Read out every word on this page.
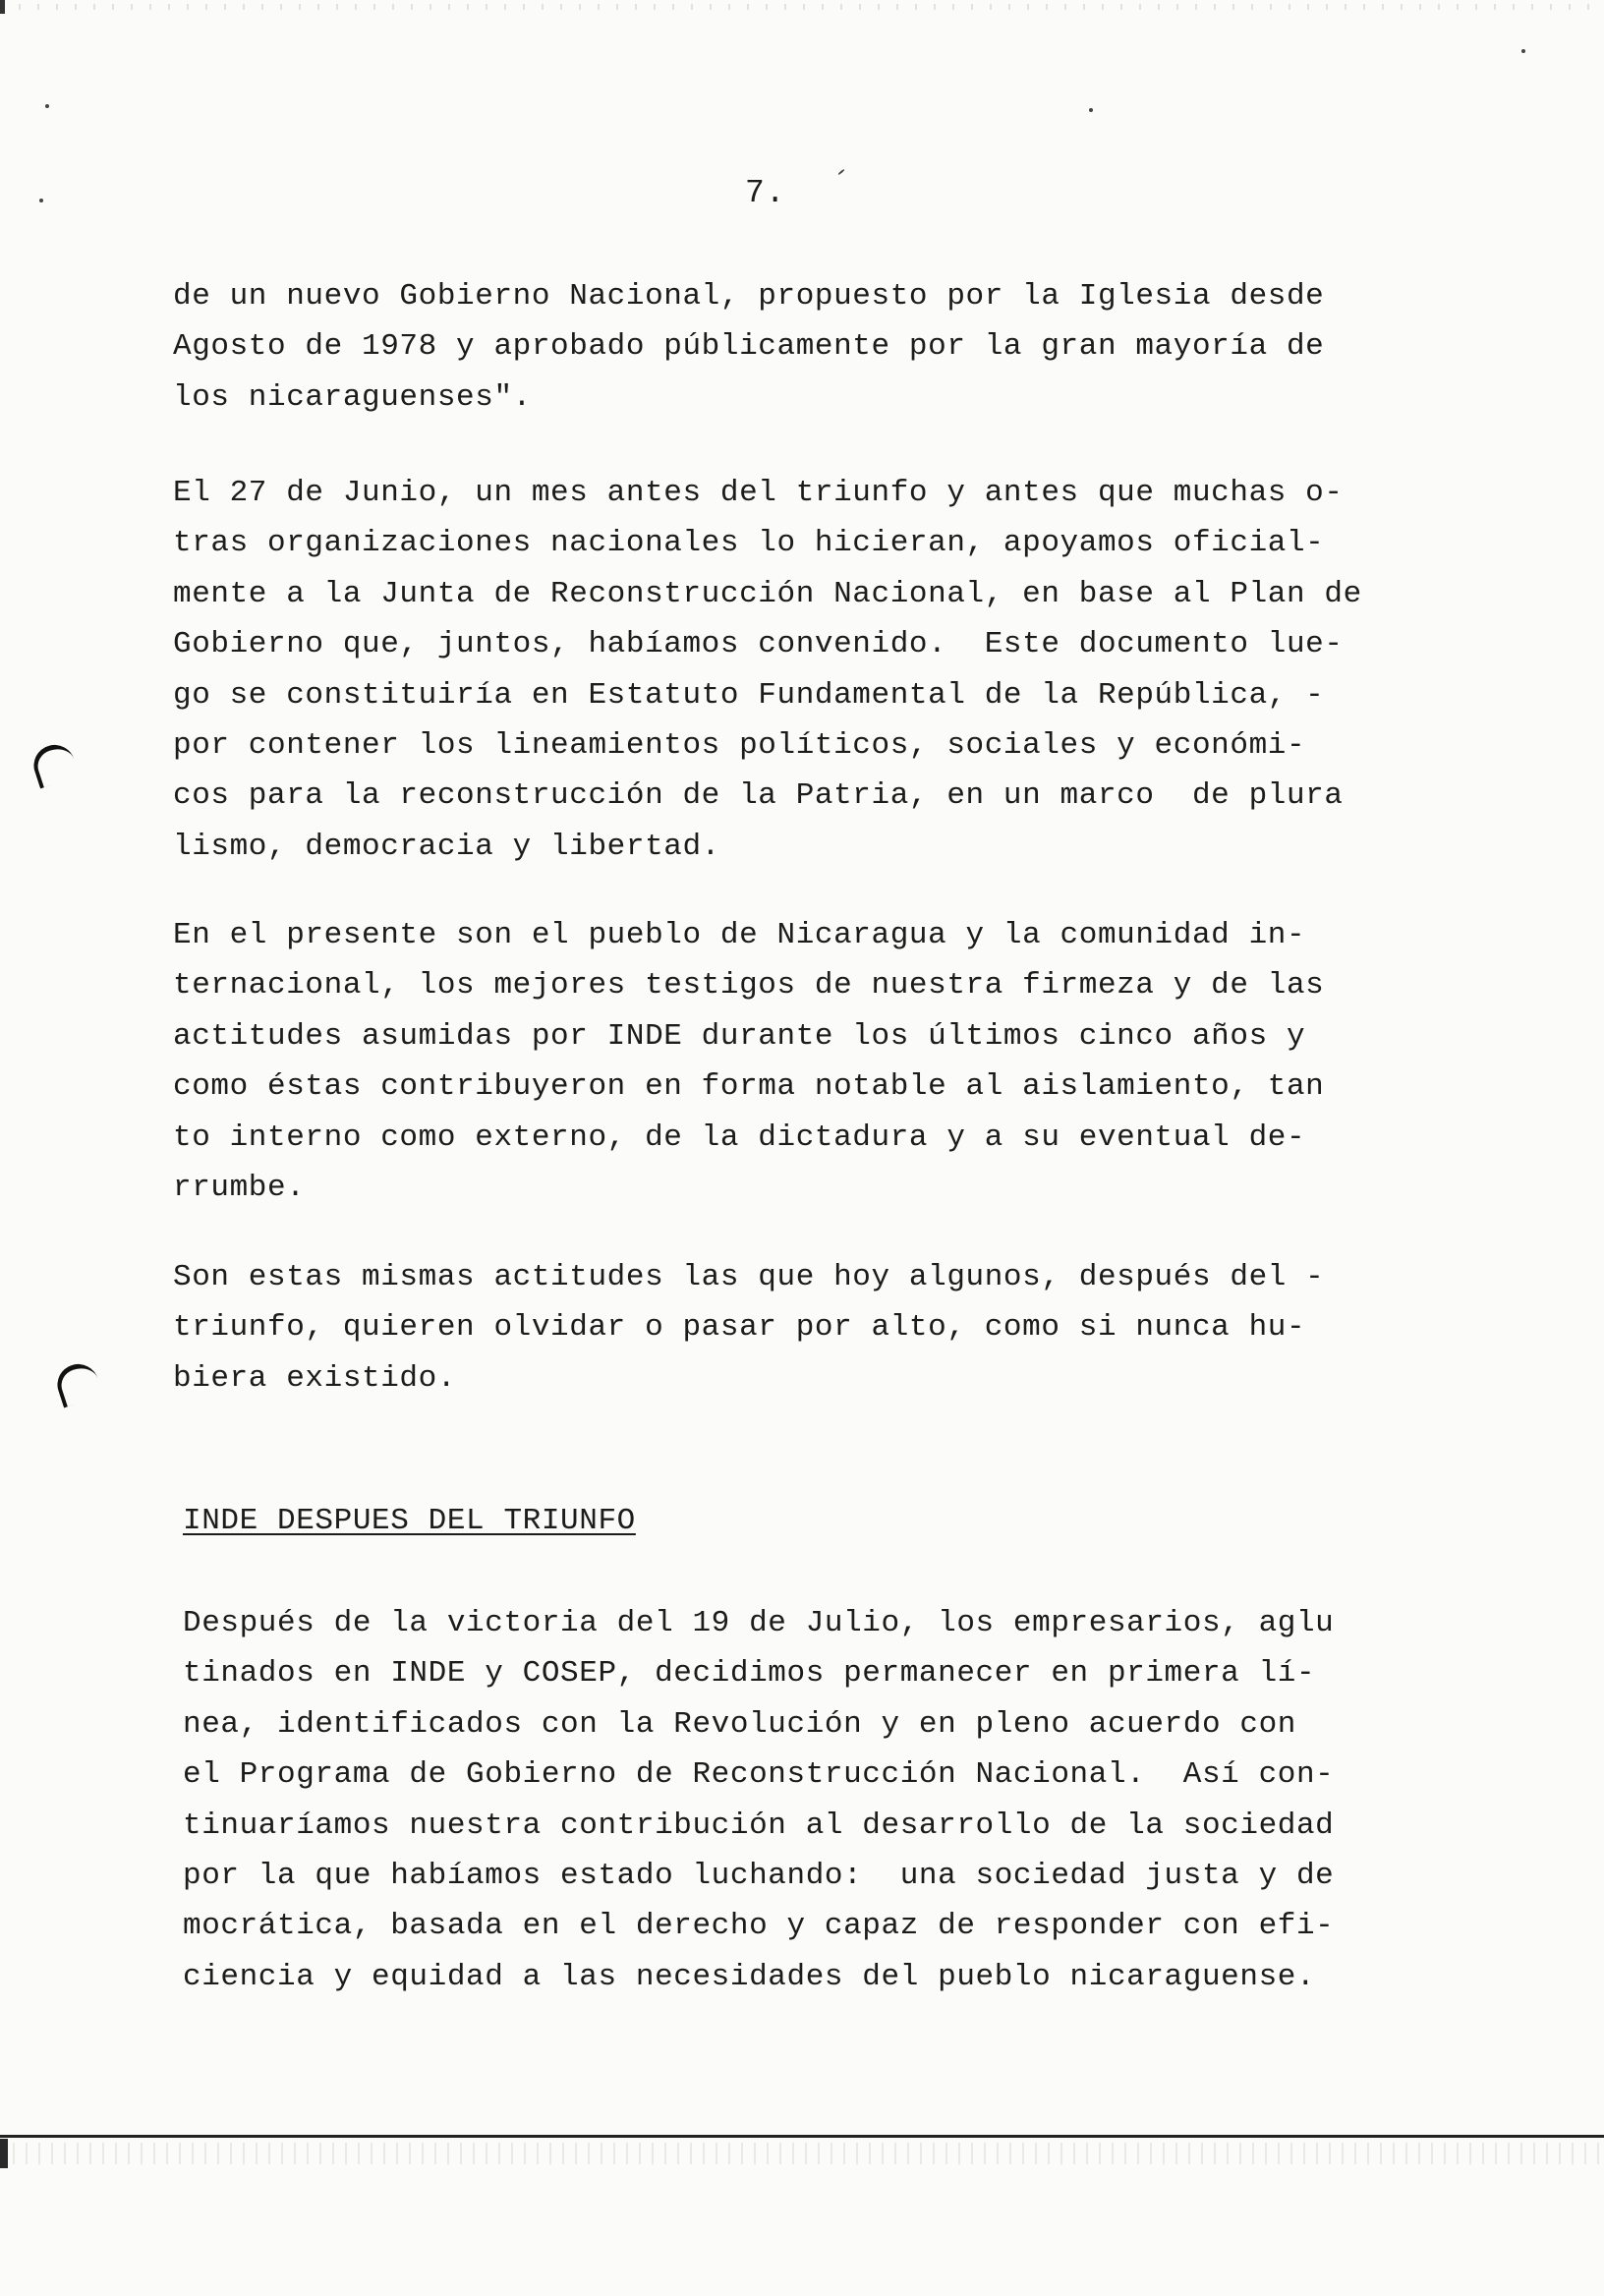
7.

de un nuevo Gobierno Nacional, propuesto por la Iglesia desde
Agosto de 1978 y aprobado públicamente por la gran mayoría de
los nicaraguenses".

El 27 de Junio, un mes antes del triunfo y antes que muchas o-
tras organizaciones nacionales lo hicieran, apoyamos oficial-
mente a la Junta de Reconstrucción Nacional, en base al Plan de
Gobierno que, juntos, habíamos convenido.  Este documento lue-
go se constituiría en Estatuto Fundamental de la República, -
por contener los lineamientos políticos, sociales y económi-
cos para la reconstrucción de la Patria, en un marco  de plura
lismo, democracia y libertad.

En el presente son el pueblo de Nicaragua y la comunidad in-
ternacional, los mejores testigos de nuestra firmeza y de las
actitudes asumidas por INDE durante los últimos cinco años y
como éstas contribuyeron en forma notable al aislamiento, tan
to interno como externo, de la dictadura y a su eventual de-
rrumbe.

Son estas mismas actitudes las que hoy algunos, después del -
triunfo, quieren olvidar o pasar por alto, como si nunca hu-
biera existido.

INDE DESPUES DEL TRIUNFO

Después de la victoria del 19 de Julio, los empresarios, aglu
tinados en INDE y COSEP, decidimos permanecer en primera lí-
nea, identificados con la Revolución y en pleno acuerdo con
el Programa de Gobierno de Reconstrucción Nacional.  Así con-
tinuaríamos nuestra contribución al desarrollo de la sociedad
por la que habíamos estado luchando:  una sociedad justa y de
mocrática, basada en el derecho y capaz de responder con efi-
ciencia y equidad a las necesidades del pueblo nicaraguense.
